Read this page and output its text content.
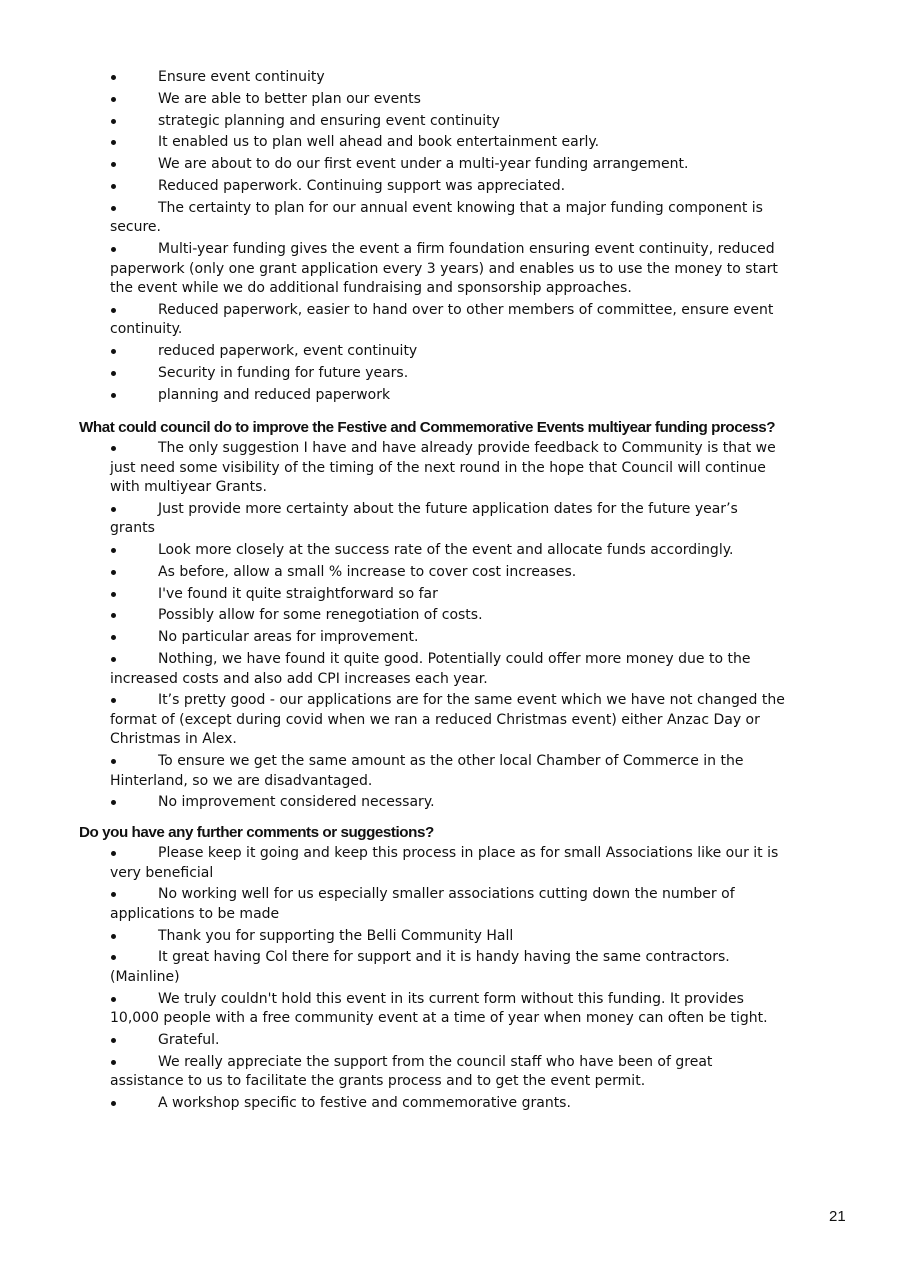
Ensure event continuity
We are able to better plan our events
strategic planning and ensuring event continuity
It enabled us to plan well ahead and book entertainment early.
We are about to do our first event under a multi-year funding arrangement.
Reduced paperwork. Continuing support was appreciated.
The certainty to plan for our annual event knowing that a major funding component is secure.
Multi-year funding gives the event a firm foundation ensuring event continuity, reduced paperwork (only one grant application every 3 years) and enables us to use the money to start the event while we do additional fundraising and sponsorship approaches.
Reduced paperwork, easier to hand over to other members of committee, ensure event continuity.
reduced paperwork, event continuity
Security in funding for future years.
planning and reduced paperwork
What could council do to improve the Festive and Commemorative Events multiyear funding process?
The only suggestion I have and have already provide feedback to Community is that we just need some visibility of the timing of the next round in the hope that Council will continue with multiyear Grants.
Just provide more certainty about the future application dates for the future year’s grants
Look more closely at the success rate of the event and allocate funds accordingly.
As before, allow a small % increase to cover cost increases.
I've found it quite straightforward so far
Possibly allow for some renegotiation of costs.
No particular areas for improvement.
Nothing, we have found it quite good. Potentially could offer more money due to the increased costs and also add CPI increases each year.
It’s pretty good - our applications are for the same event which we have not changed the format of (except during covid when we ran a reduced Christmas event) either Anzac Day or Christmas in Alex.
To ensure we get the same amount as the other local Chamber of Commerce in the Hinterland, so we are disadvantaged.
No improvement considered necessary.
Do you have any further comments or suggestions?
Please keep it going and keep this process in place as for small Associations like our it is very beneficial
No working well for us especially smaller associations cutting down the number of applications to be made
Thank you for supporting the Belli Community Hall
It great having Col there for support and it is handy having the same contractors. (Mainline)
We truly couldn't hold this event in its current form without this funding. It provides 10,000 people with a free community event at a time of year when money can often be tight.
Grateful.
We really appreciate the support from the council staff who have been of great assistance to us to facilitate the grants process and to get the event permit.
A workshop specific to festive and commemorative grants.
21
